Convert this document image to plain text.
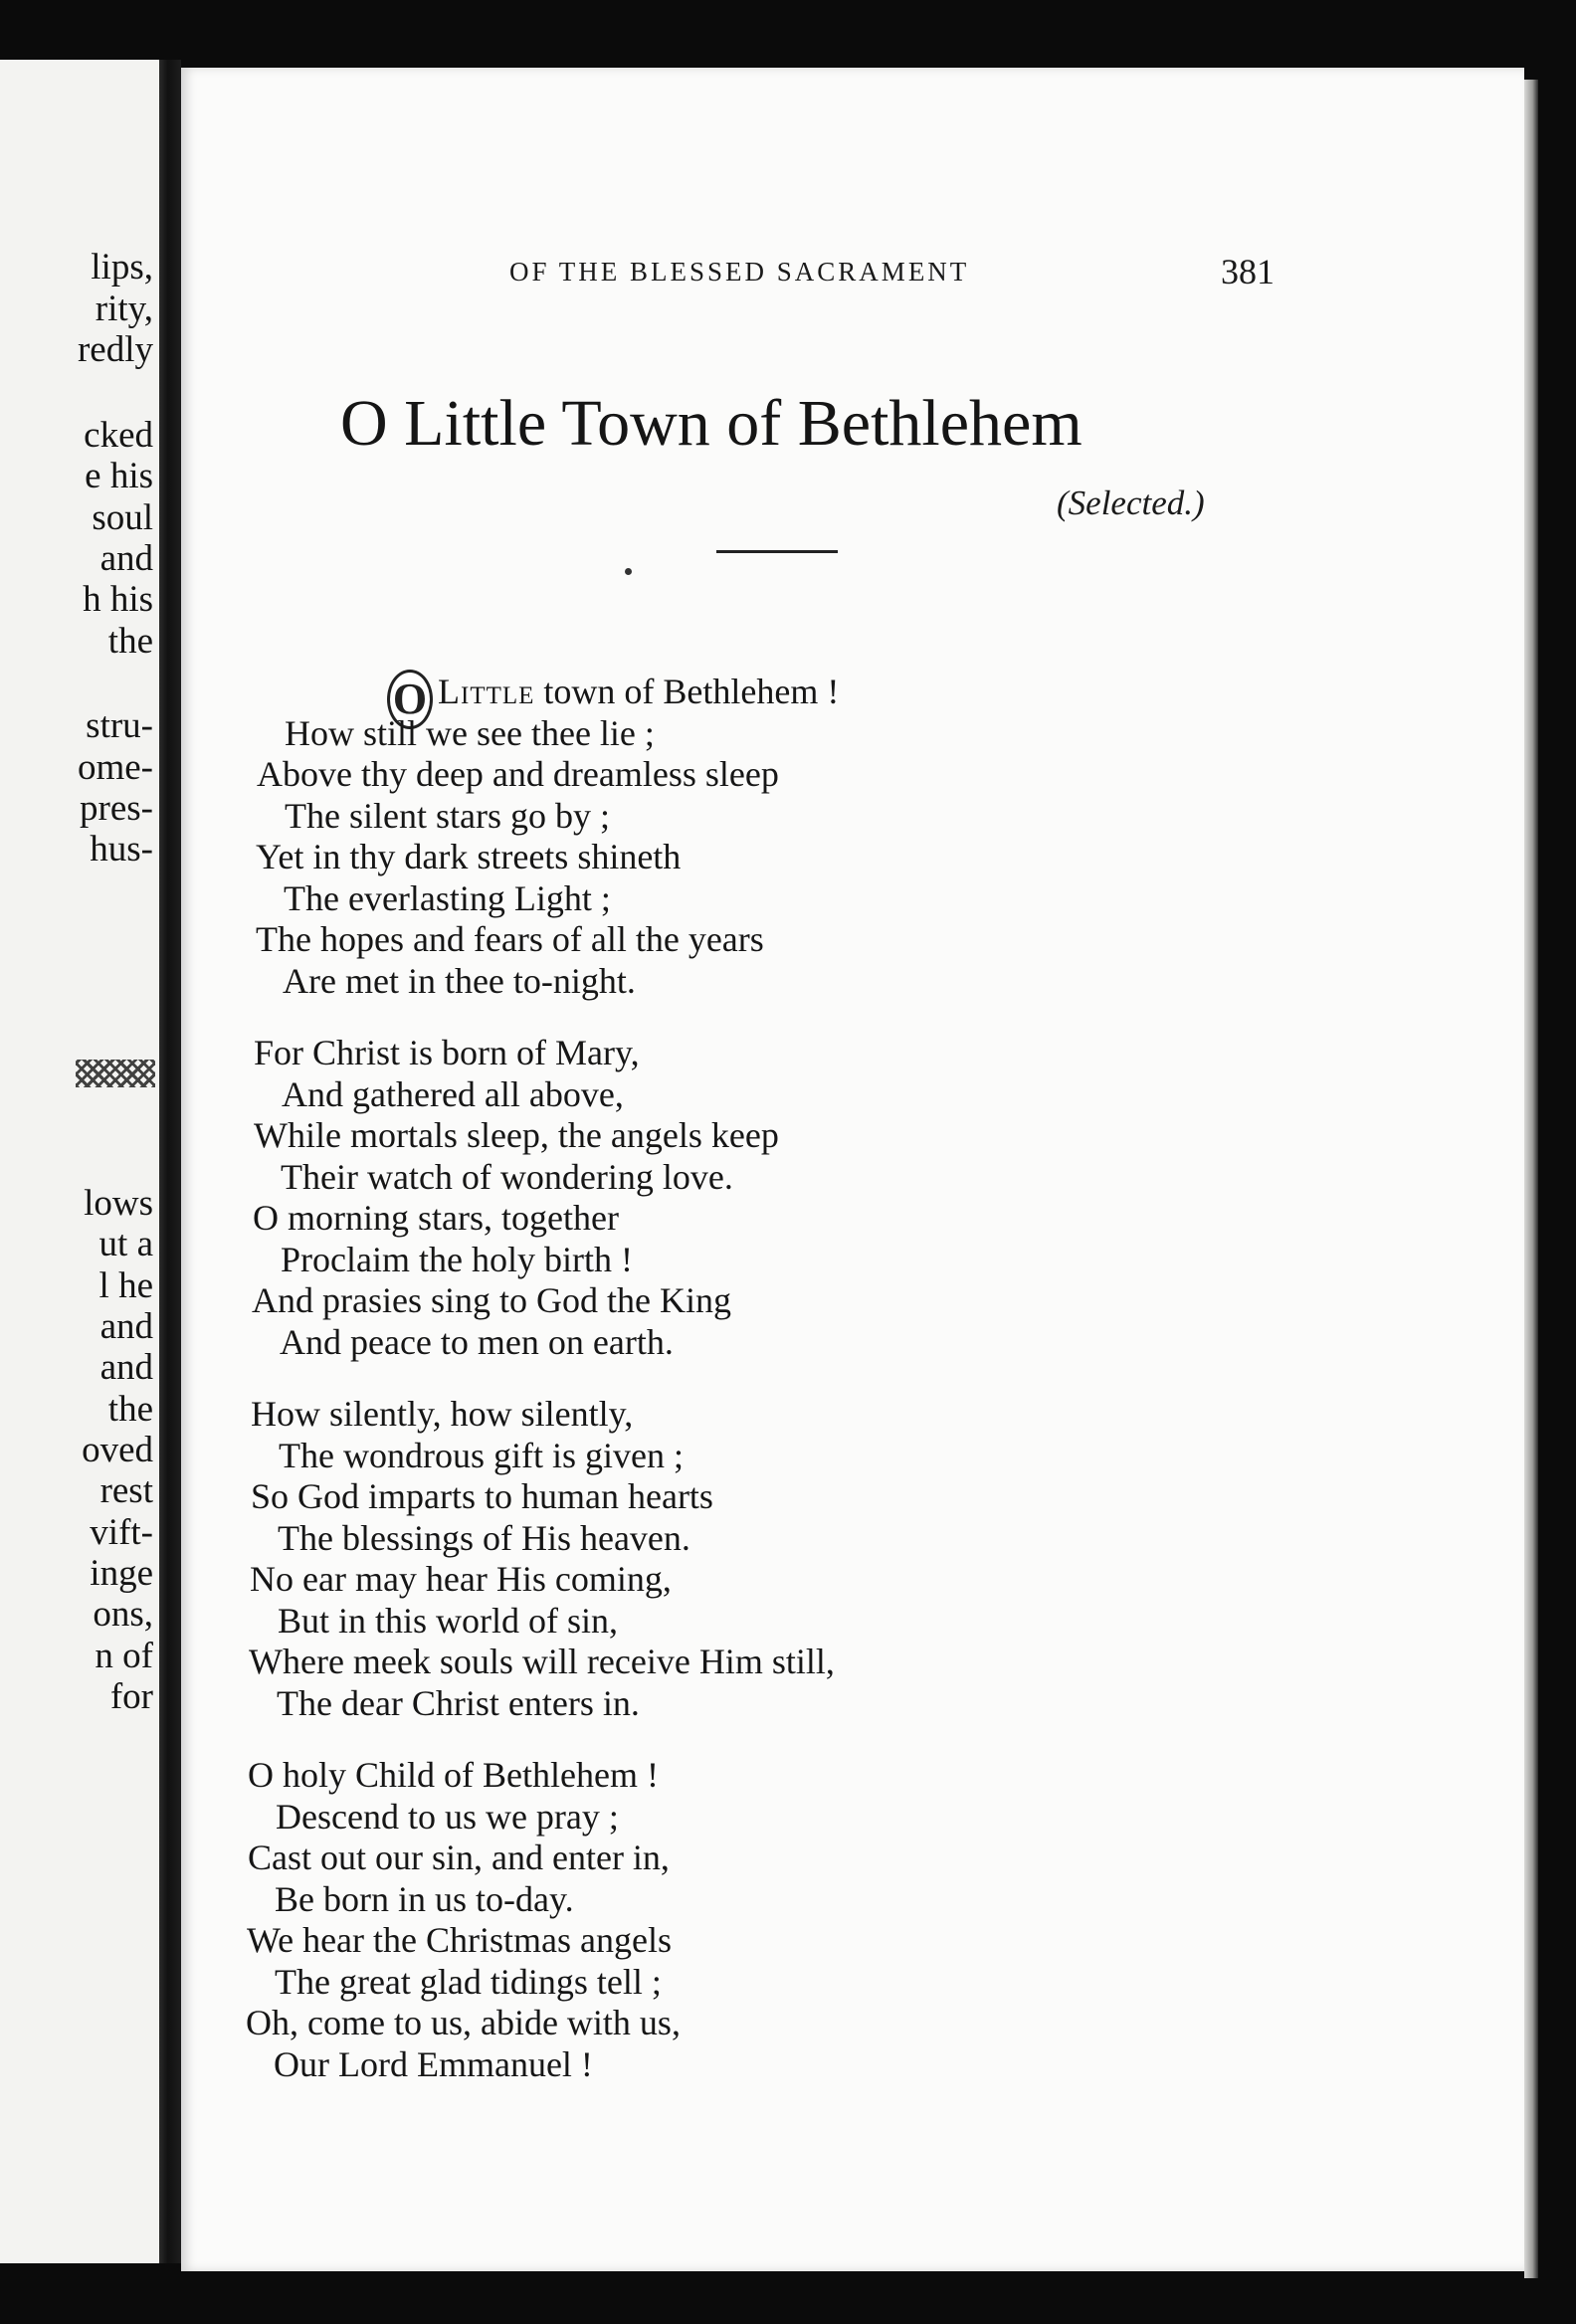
lips,
rity,
redly
cked
e his
soul
and
h his
the
stru-
ome-
pres-
hus-
lows
ut a
l he
and
and
the
oved
rest
vift-
inge
ons,
n of
for
OF THE BLESSED SACRAMENT	381
O Little Town of Bethlehem
(Selected.)
O Little town of Bethlehem !
How still we see thee lie ;
Above thy deep and dreamless sleep
The silent stars go by ;
Yet in thy dark streets shineth
The everlasting Light ;
The hopes and fears of all the years
Are met in thee to-night.
For Christ is born of Mary,
And gathered all above,
While mortals sleep, the angels keep
Their watch of wondering love.
O morning stars, together
Proclaim the holy birth !
And prasies sing to God the King
And peace to men on earth.
How silently, how silently,
The wondrous gift is given ;
So God imparts to human hearts
The blessings of His heaven.
No ear may hear His coming,
But in this world of sin,
Where meek souls will receive Him still,
The dear Christ enters in.
O holy Child of Bethlehem !
Descend to us we pray ;
Cast out our sin, and enter in,
Be born in us to-day.
We hear the Christmas angels
The great glad tidings tell ;
Oh, come to us, abide with us,
Our Lord Emmanuel !
